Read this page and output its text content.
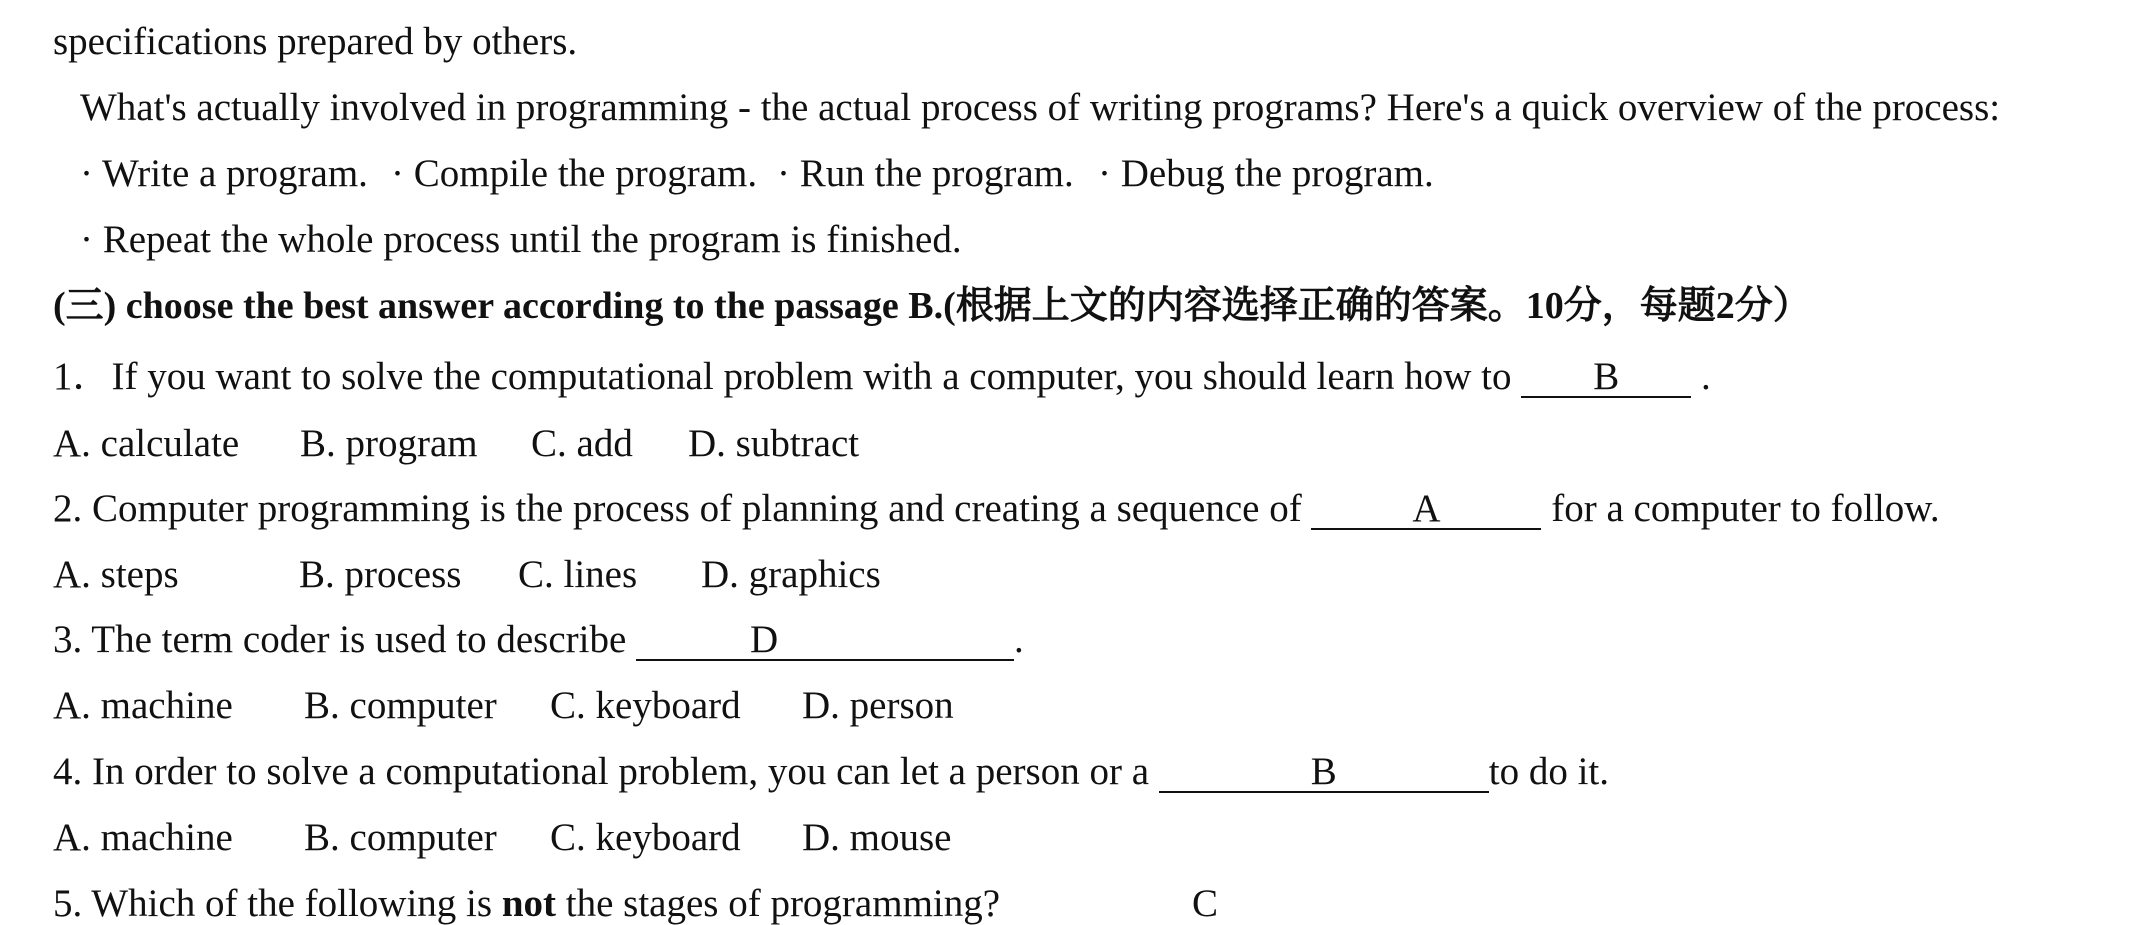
specifications prepared by others.
What's actually involved in programming - the actual process of writing programs? Here's a quick overview of the process:
· Write a program. · Compile the program. · Run the program. · Debug the program.
· Repeat the whole process until the program is finished.
(三) choose the best answer according to the passage B.(根据上文的内容选择正确的答案。10分，每题2分）
1．If you want to solve the computational problem with a computer, you should learn how to B .
A. calculate B. program C. add D. subtract
2. Computer programming is the process of planning and creating a sequence of	A	for a computer to follow.
A. steps	B. process C. lines D. graphics
3. The term coder is used to describe	D	.
A. machine B. computer C. keyboard D. person
4. In order to solve a computational problem, you can let a person or a	B	to do it.
A. machine B. computer C. keyboard D. mouse
5. Which of the following is not the stages of programming?	C
